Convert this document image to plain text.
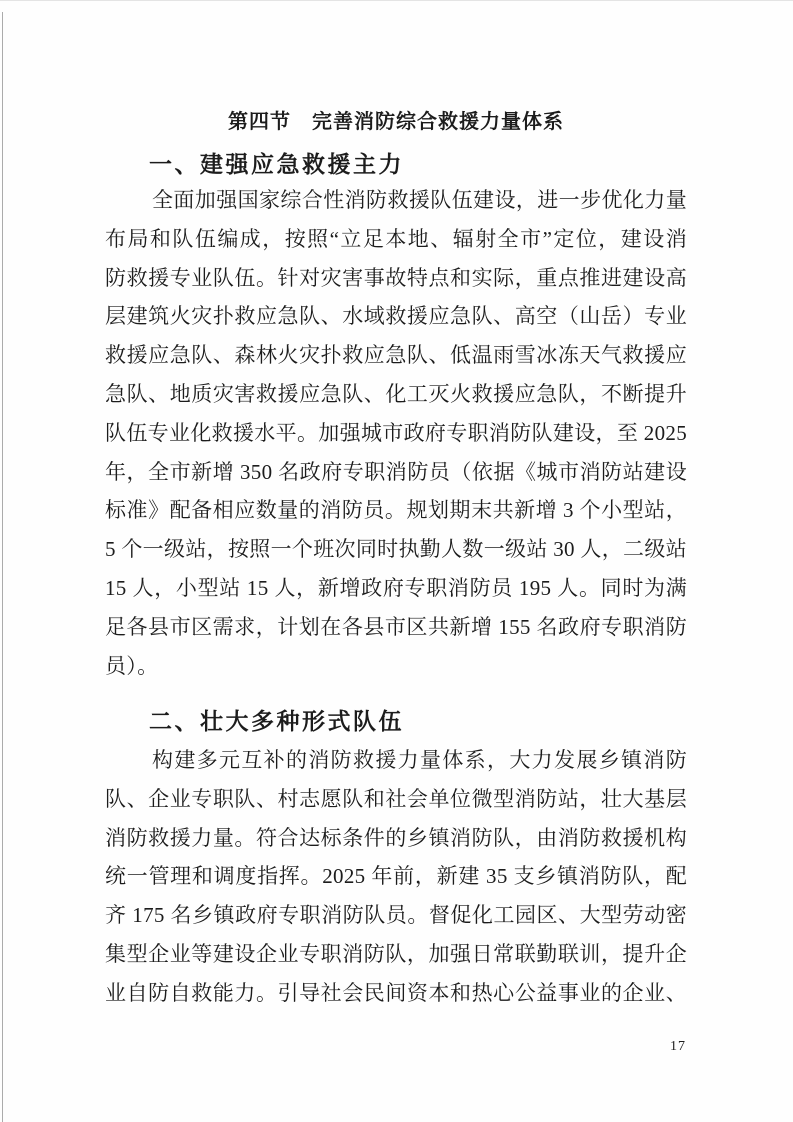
第四节　完善消防综合救援力量体系
一、建强应急救援主力
全面加强国家综合性消防救援队伍建设，进一步优化力量
布局和队伍编成，按照“立足本地、辐射全市”定位，建设消
防救援专业队伍。针对灾害事故特点和实际，重点推进建设高
层建筑火灾扑救应急队、水域救援应急队、高空（山岳）专业
救援应急队、森林火灾扑救应急队、低温雨雪冰冻天气救援应
急队、地质灾害救援应急队、化工灭火救援应急队，不断提升
队伍专业化救援水平。加强城市政府专职消防队建设，至 2025
年，全市新增 350 名政府专职消防员（依据《城市消防站建设
标准》配备相应数量的消防员。规划期末共新增 3 个小型站，
5 个一级站，按照一个班次同时执勤人数一级站 30 人，二级站
15 人，小型站 15 人，新增政府专职消防员 195 人。同时为满
足各县市区需求，计划在各县市区共新增 155 名政府专职消防
员）。
二、壮大多种形式队伍
构建多元互补的消防救援力量体系，大力发展乡镇消防
队、企业专职队、村志愿队和社会单位微型消防站，壮大基层
消防救援力量。符合达标条件的乡镇消防队，由消防救援机构
统一管理和调度指挥。2025 年前，新建 35 支乡镇消防队，配
齐 175 名乡镇政府专职消防队员。督促化工园区、大型劳动密
集型企业等建设企业专职消防队，加强日常联勤联训，提升企
业自防自救能力。引导社会民间资本和热心公益事业的企业、
17
